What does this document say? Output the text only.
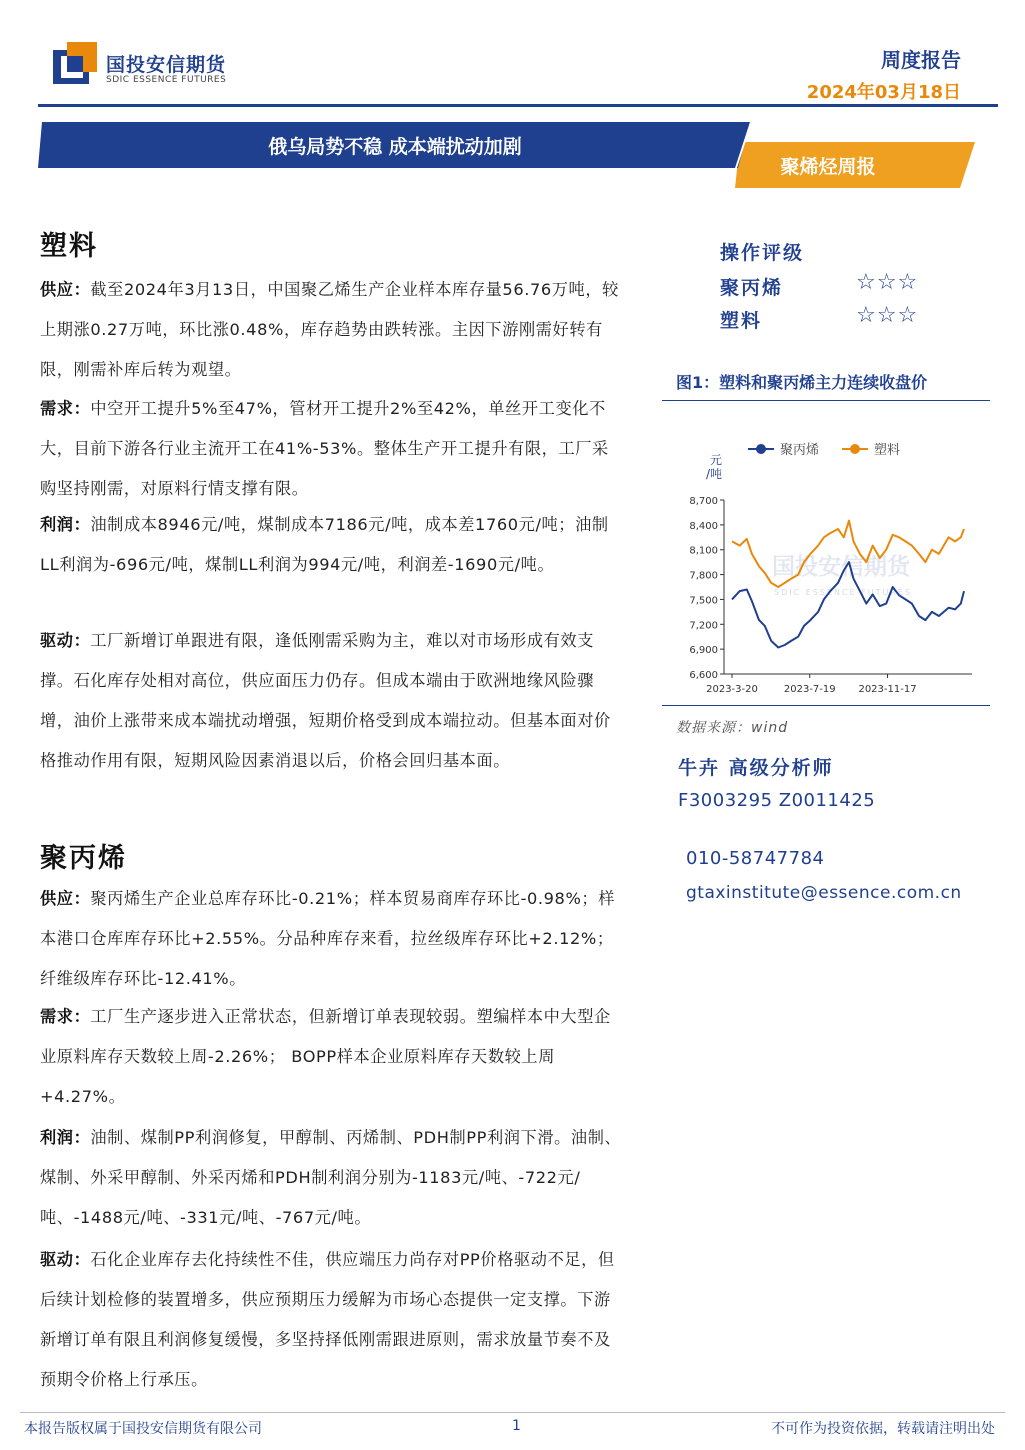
国投安信期货
SDIC ESSENCE FUTURES
周度报告
2024年03月18日
俄乌局势不稳 成本端扰动加剧
聚烯烃周报
塑料
供应：截至2024年3月13日，中国聚乙烯生产企业样本库存量56.76万吨，较上期涨0.27万吨，环比涨0.48%，库存趋势由跌转涨。主因下游刚需好转有限，刚需补库后转为观望。
需求：中空开工提升5%至47%，管材开工提升2%至42%，单丝开工变化不大，目前下游各行业主流开工在41%-53%。整体生产开工提升有限，工厂采购坚持刚需，对原料行情支撑有限。
利润：油制成本8946元/吨，煤制成本7186元/吨，成本差1760元/吨；油制LL利润为-696元/吨，煤制LL利润为994元/吨，利润差-1690元/吨。
驱动：工厂新增订单跟进有限，逢低刚需采购为主，难以对市场形成有效支撑。石化库存处相对高位，供应面压力仍存。但成本端由于欧洲地缘风险骤增，油价上涨带来成本端扰动增强，短期价格受到成本端拉动。但基本面对价格推动作用有限，短期风险因素消退以后，价格会回归基本面。
聚丙烯
供应：聚丙烯生产企业总库存环比-0.21%；样本贸易商库存环比-0.98%；样本港口仓库库存环比+2.55%。分品种库存来看，拉丝级库存环比+2.12%；纤维级库存环比-12.41%。
需求：工厂生产逐步进入正常状态，但新增订单表现较弱。塑编样本中大型企业原料库存天数较上周-2.26%； BOPP样本企业原料库存天数较上周+4.27%。
利润：油制、煤制PP利润修复，甲醇制、丙烯制、PDH制PP利润下滑。油制、煤制、外采甲醇制、外采丙烯和PDH制利润分别为-1183元/吨、-722元/吨、-1488元/吨、-331元/吨、-767元/吨。
驱动：石化企业库存去化持续性不佳，供应端压力尚存对PP价格驱动不足，但后续计划检修的装置增多，供应预期压力缓解为市场心态提供一定支撑。下游新增订单有限且利润修复缓慢，多坚持择低刚需跟进原则，需求放量节奏不及预期令价格上行承压。
操作评级
聚丙烯	☆☆☆
塑料	☆☆☆
图1：塑料和聚丙烯主力连续收盘价
国投安信期货
SDIC ESSENCE FUTURES
聚丙烯	塑料
元/吨
6,600
6,900
7,200
7,500
7,800
8,100
8,400
8,700
2023-3-20	2023-7-19 2023-11-17
数据来源：wind
牛卉 高级分析师
F3003295 Z0011425
010-58747784
gtaxinstitute@essence.com.cn
本报告版权属于国投安信期货有限公司	1	不可作为投资依据，转载请注明出处
